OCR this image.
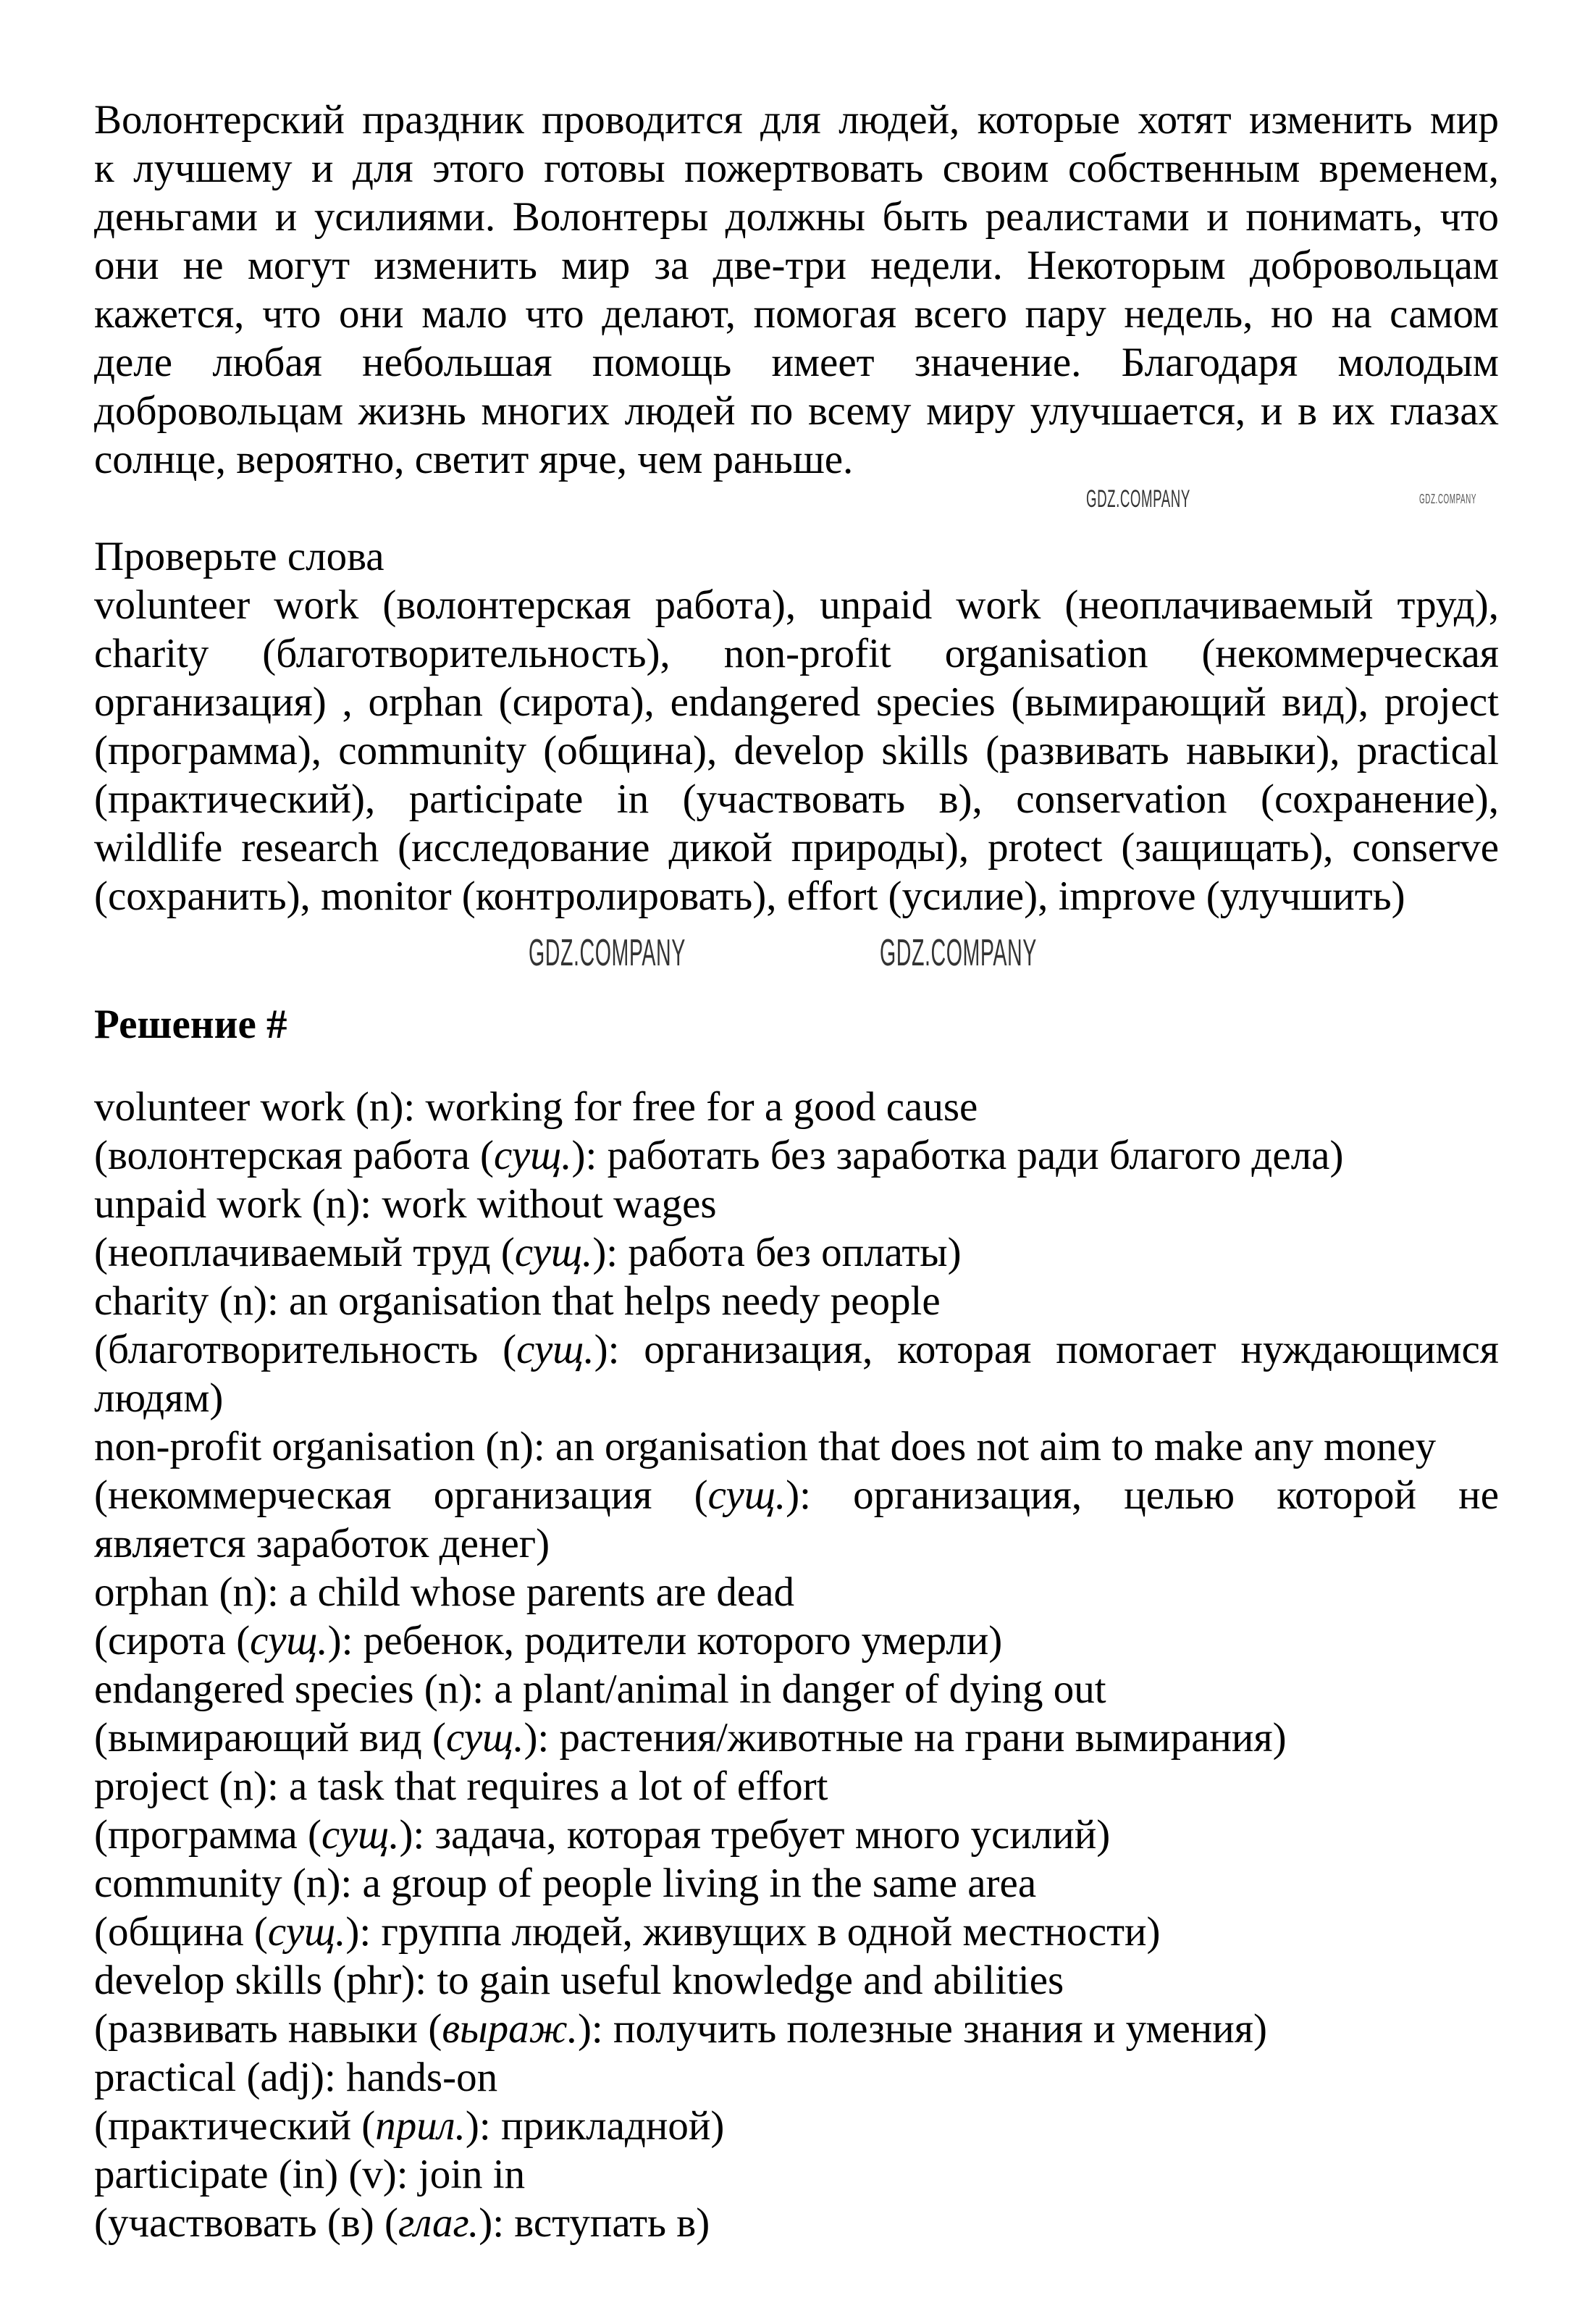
Волонтерский праздник проводится для людей, которые хотят изменить мир
к лучшему и для этого готовы пожертвовать своим собственным временем,
деньгами и усилиями. Волонтеры должны быть реалистами и понимать, что
они не могут изменить мир за две-три недели. Некоторым добровольцам
кажется, что они мало что делают, помогая всего пару недель, но на самом
деле любая небольшая помощь имеет значение. Благодаря молодым
добровольцам жизнь многих людей по всему миру улучшается, и в их глазах
солнце, вероятно, светит ярче, чем раньше.
Проверьте слова
volunteer work (волонтерская работа), unpaid work (неоплачиваемый труд),
charity (благотворительность), non-profit organisation (некоммерческая
организация) , orphan (сирота), endangered species (вымирающий вид), project
(программа), community (община), develop skills (развивать навыки), practical
(практический), participate in (участвовать в), conservation (сохранение),
wildlife research (исследование дикой природы), protect (защищать), conserve
(сохранить), monitor (контролировать), effort (усилие), improve (улучшить)
Решение #
volunteer work (n): working for free for a good cause
(волонтерская работа (сущ.): работать без заработка ради благого дела)
unpaid work (n): work without wages
(неоплачиваемый труд (сущ.): работа без оплаты)
charity (n): an organisation that helps needy people
(благотворительность (сущ.): организация, которая помогает нуждающимся
людям)
non-profit organisation (n): an organisation that does not aim to make any money
(некоммерческая организация (сущ.): организация, целью которой не
является заработок денег)
orphan (n): a child whose parents are dead
(сирота (сущ.): ребенок, родители которого умерли)
endangered species (n): a plant/animal in danger of dying out
(вымирающий вид (сущ.): растения/животные на грани вымирания)
project (n): a task that requires a lot of effort
(программа (сущ.): задача, которая требует много усилий)
community (n): a group of people living in the same area
(община (сущ.): группа людей, живущих в одной местности)
develop skills (phr): to gain useful knowledge and abilities
(развивать навыки (выраж.): получить полезные знания и умения)
practical (adj): hands-on
(практический (прил.): прикладной)
participate (in) (v): join in
(участвовать (в) (глаг.): вступать в)
GDZ.COMPANY
GDZ.COMPANY
GDZ.COMPANY	GDZ.COMPANY
